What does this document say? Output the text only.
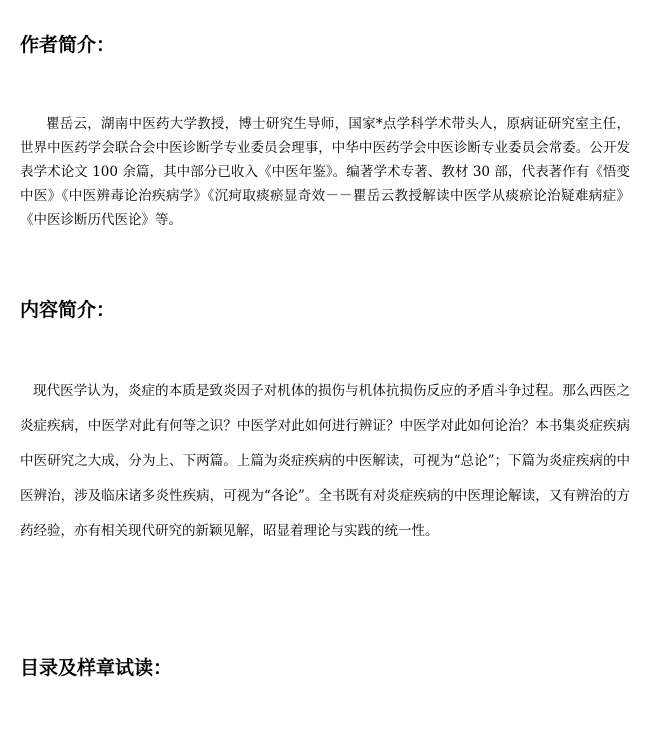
作者简介：

瞿岳云，湖南中医药大学教授，博士研究生导师，国家*点学科学术带头人，原病证研究室主任，世界中医药学会联合会中医诊断学专业委员会理事，中华中医药学会中医诊断专业委员会常委。公开发表学术论文 100 余篇，其中部分已收入《中医年鉴》。编著学术专著、教材 30 部，代表著作有《悟变中医》《中医辨毒论治疾病学》《沉疴取痰瘀显奇效－－瞿岳云教授解读中医学从痰瘀论治疑难病症》《中医诊断历代医论》等。

内容简介：

现代医学认为，炎症的本质是致炎因子对机体的损伤与机体抗损伤反应的矛盾斗争过程。那么西医之炎症疾病，中医学对此有何等之识？中医学对此如何进行辨证？中医学对此如何论治？本书集炎症疾病中医研究之大成，分为上、下两篇。上篇为炎症疾病的中医解读，可视为“总论”；下篇为炎症疾病的中医辨治，涉及临床诸多炎性疾病，可视为“各论”。全书既有对炎症疾病的中医理论解读，又有辨治的方药经验，亦有相关现代研究的新颖见解，昭显着理论与实践的统一性。

目录及样章试读：
